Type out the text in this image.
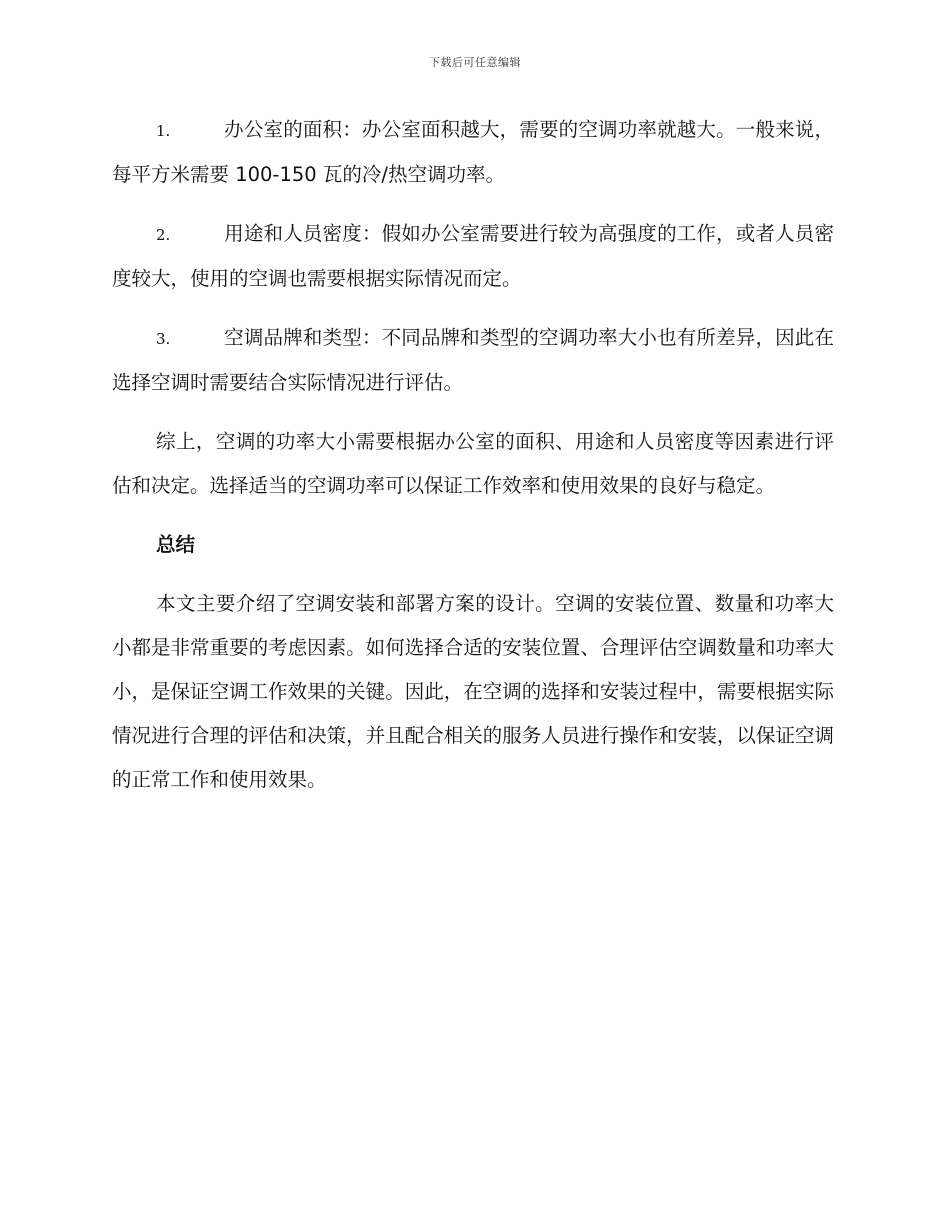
下载后可任意编辑

1.	办公室的面积：办公室面积越大，需要的空调功率就越大。一般来说，每平方米需要 100-150 瓦的冷/热空调功率。

2.	用途和人员密度：假如办公室需要进行较为高强度的工作，或者人员密度较大，使用的空调也需要根据实际情况而定。

3.	空调品牌和类型：不同品牌和类型的空调功率大小也有所差异，因此在选择空调时需要结合实际情况进行评估。

综上，空调的功率大小需要根据办公室的面积、用途和人员密度等因素进行评估和决定。选择适当的空调功率可以保证工作效率和使用效果的良好与稳定。

总结

本文主要介绍了空调安装和部署方案的设计。空调的安装位置、数量和功率大小都是非常重要的考虑因素。如何选择合适的安装位置、合理评估空调数量和功率大小，是保证空调工作效果的关键。因此，在空调的选择和安装过程中，需要根据实际情况进行合理的评估和决策，并且配合相关的服务人员进行操作和安装，以保证空调的正常工作和使用效果。
